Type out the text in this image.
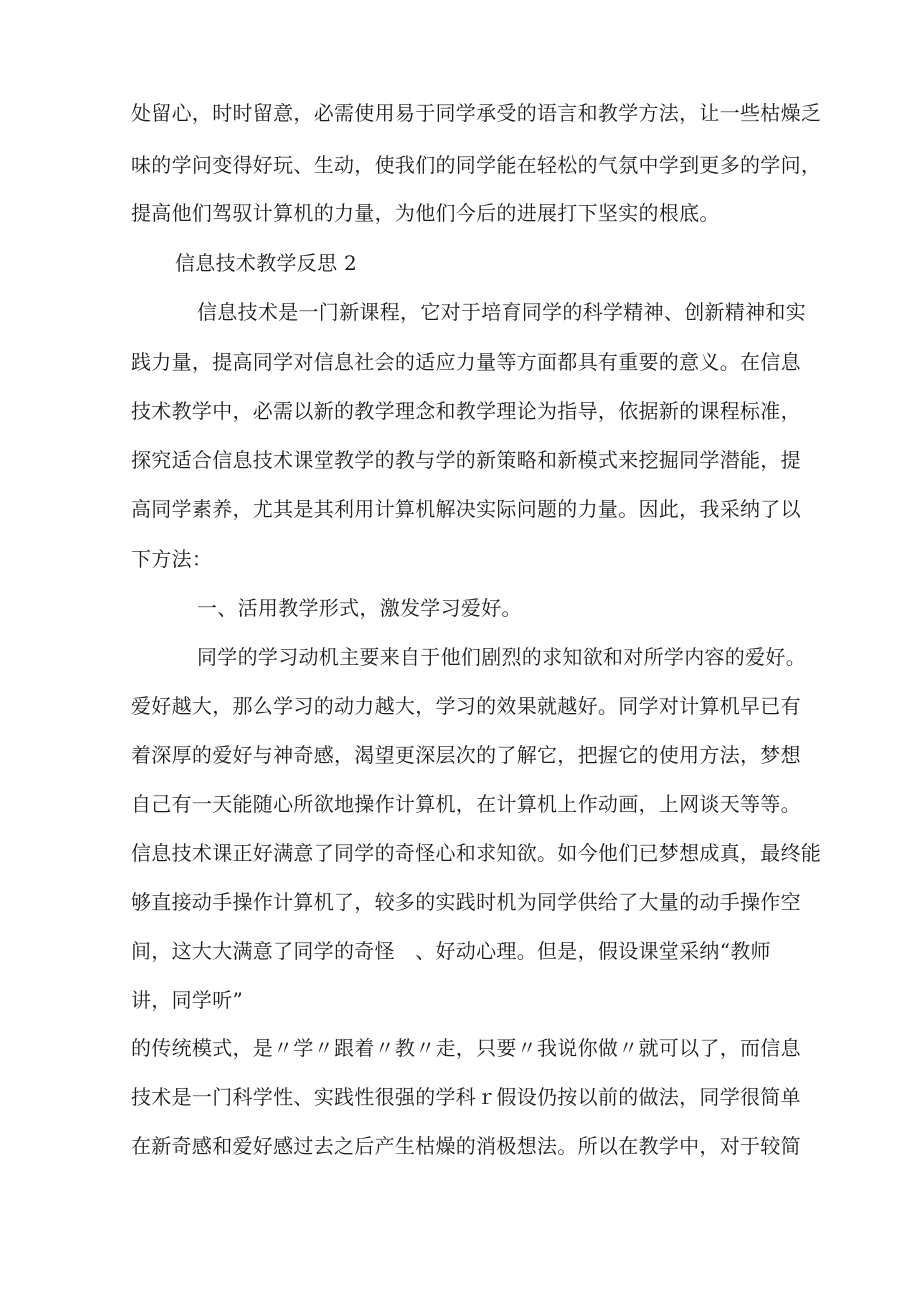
处留心，时时留意，必需使用易于同学承受的语言和教学方法，让一些枯燥乏
味的学问变得好玩、生动，使我们的同学能在轻松的气氛中学到更多的学问，
提高他们驾驭计算机的力量，为他们今后的进展打下坚实的根底。
信息技术教学反思 2
信息技术是一门新课程，它对于培育同学的科学精神、创新精神和实
践力量，提高同学对信息社会的适应力量等方面都具有重要的意义。在信息
技术教学中，必需以新的教学理念和教学理论为指导，依据新的课程标准，
探究适合信息技术课堂教学的教与学的新策略和新模式来挖掘同学潜能，提
高同学素养，尤其是其利用计算机解决实际问题的力量。因此，我采纳了以
下方法：
一、活用教学形式，激发学习爱好。
同学的学习动机主要来自于他们剧烈的求知欲和对所学内容的爱好。
爱好越大，那么学习的动力越大，学习的效果就越好。同学对计算机早已有
着深厚的爱好与神奇感，渴望更深层次的了解它，把握它的使用方法，梦想
自己有一天能随心所欲地操作计算机，在计算机上作动画，上网谈天等等。
信息技术课正好满意了同学的奇怪心和求知欲。如今他们已梦想成真，最终能
够直接动手操作计算机了，较多的实践时机为同学供给了大量的动手操作空
间，这大大满意了同学的奇怪　、好动心理。但是，假设课堂采纳“教师
讲，同学听”
的传统模式，是〃学〃跟着〃教〃走，只要〃我说你做〃就可以了，而信息
技术是一门科学性、实践性很强的学科ｒ假设仍按以前的做法，同学很简单
在新奇感和爱好感过去之后产生枯燥的消极想法。所以在教学中，对于较简
